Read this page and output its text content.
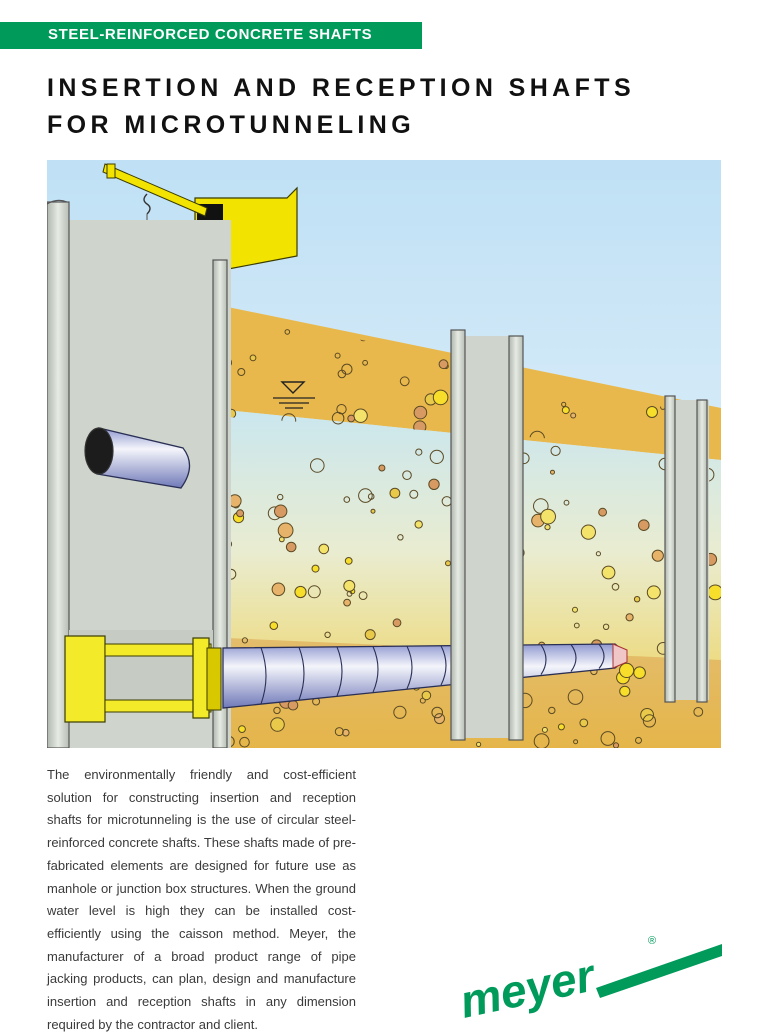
STEEL-REINFORCED CONCRETE SHAFTS
INSERTION AND RECEPTION SHAFTS
FOR MICROTUNNELING

The environmentally friendly and cost-efficient solution for constructing insertion and reception shafts for microtunneling is the use of circular steel-reinforced concrete shafts. These shafts made of pre-fabricated elements are designed for future use as manhole or junction box structures. When the ground water level is high they can be installed cost-efficiently using the caisson method. Meyer, the manufacturer of a broad product range of pipe jacking products, can plan, design and manufacture insertion and reception shafts in any dimension required by the contractor and client.	meyer
®
